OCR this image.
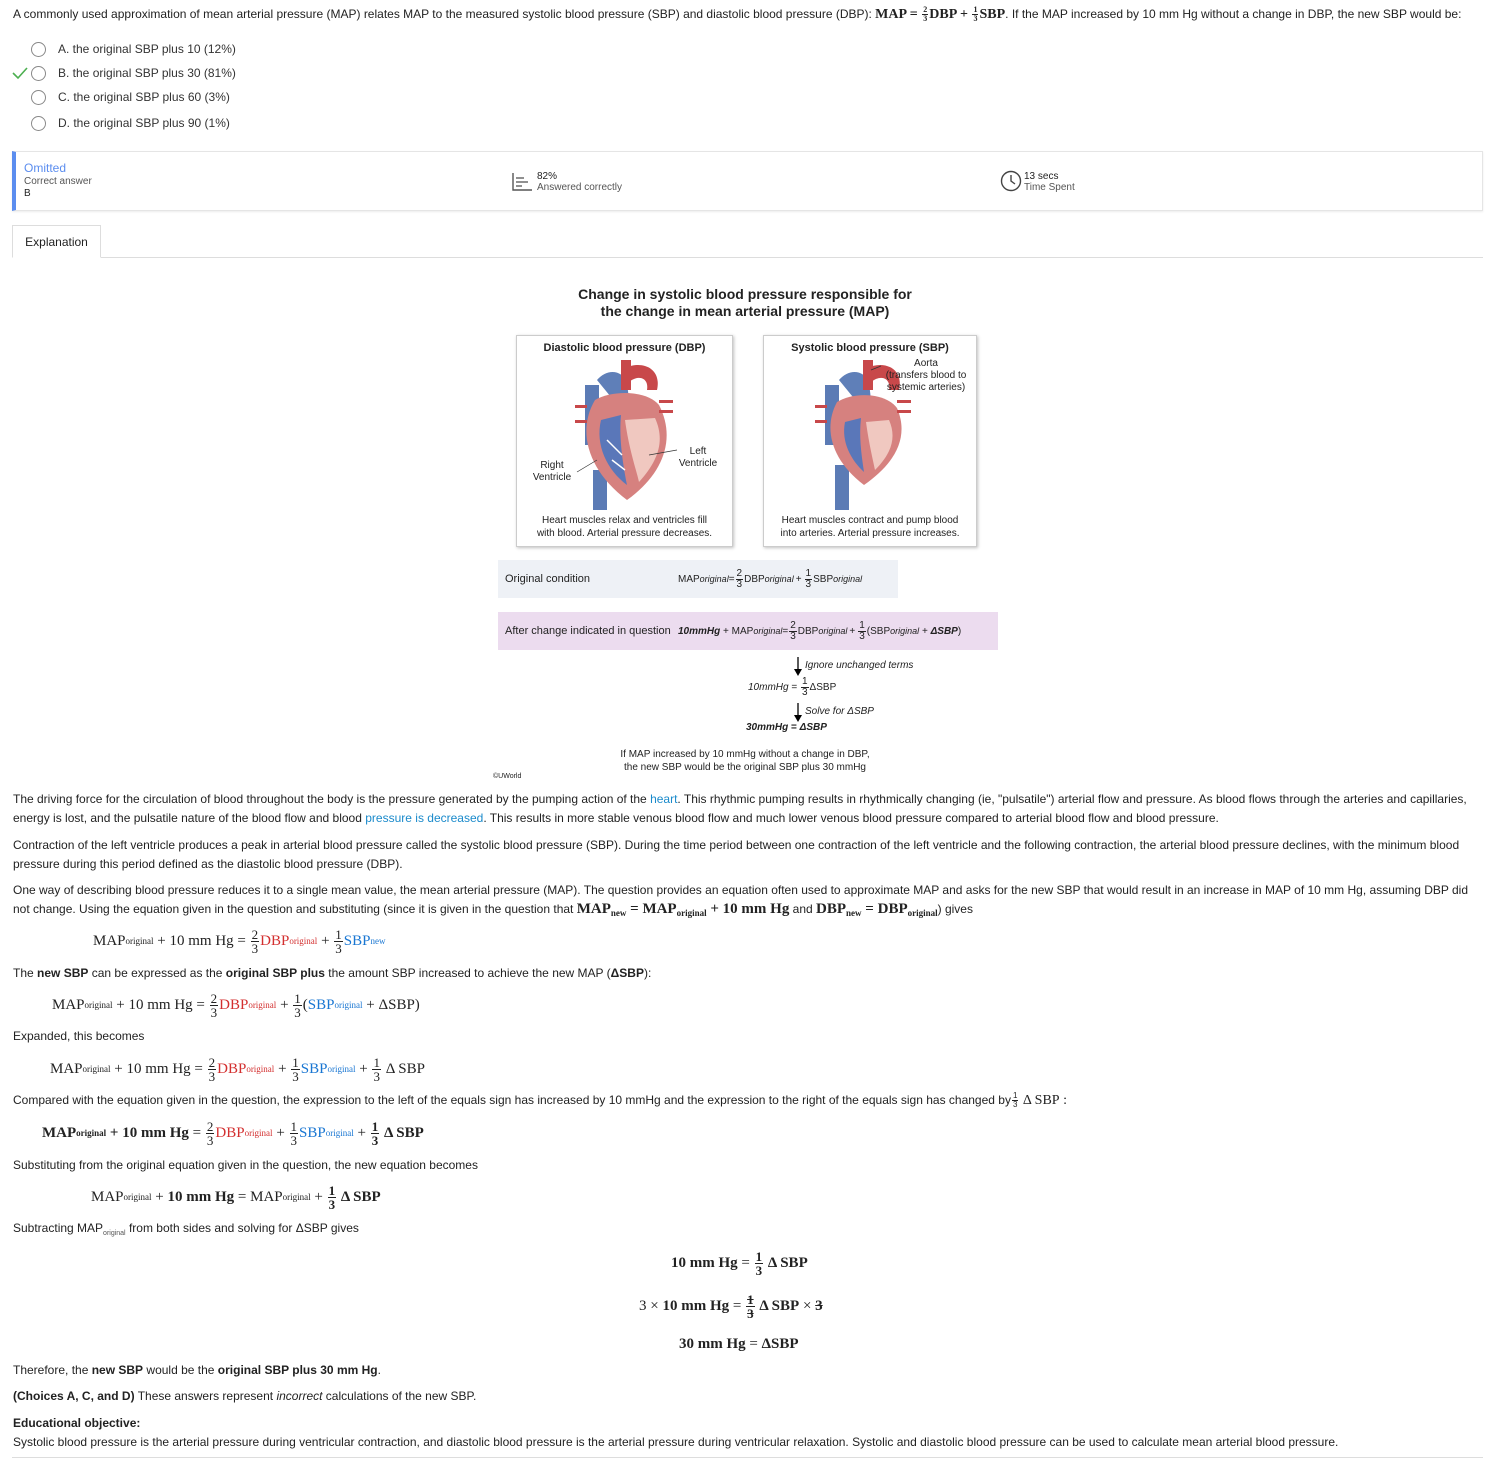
A commonly used approximation of mean arterial pressure (MAP) relates MAP to the measured systolic blood pressure (SBP) and diastolic blood pressure (DBP): MAP = $\frac{2}{3}$ DBP + $\frac{1}{3}$ SBP. If the MAP increased by 10 mm Hg without a change in DBP, the new SBP would be:
A. the original SBP plus 10 (12%)
B. the original SBP plus 30 (81%)
C. the original SBP plus 60 (3%)
D. the original SBP plus 90 (1%)
Omitted
Correct answer
B
82%
Answered correctly
13 secs
Time Spent
Explanation
Change in systolic blood pressure responsible for
the change in mean arterial pressure (MAP)
Diastolic blood pressure (DBP)
Right
Ventricle
Left
Ventricle
Heart muscles relax and ventricles fill
with blood. Arterial pressure decreases.
Systolic blood pressure (SBP)
Aorta
(transfers blood to
systemic arteries)
Heart muscles contract and pump blood
into arteries. Arterial pressure increases.
Original condition	MAP original = $\frac{2}{3}$ DBP original + $\frac{1}{3}$ SBP original
After change indicated in question 10mmHg
+
MAP original = $\frac{2}{3}$ DBP original + $\frac{1}{3}$ ( SBP original
+
ΔSBP )
Ignore unchanged terms
10mmHg
=
$\frac{1}{3}$ ΔSBP
Solve for ΔSBP
30mmHg = ΔSBP
If MAP increased by 10 mmHg without a change in DBP,
the new SBP would be the original SBP plus 30 mmHg
©UWorld
The driving force for the circulation of blood throughout the body is the pressure generated by the pumping action of the heart. This rhythmic pumping results in rhythmically changing (ie, "pulsatile") arterial flow and pressure. As blood flows through the arteries and capillaries, energy is lost, and the pulsatile nature of the blood flow and blood pressure is decreased. This results in more stable venous blood flow and much lower venous blood pressure compared to arterial blood flow and blood pressure.
Contraction of the left ventricle produces a peak in arterial blood pressure called the systolic blood pressure (SBP). During the time period between one contraction of the left ventricle and the following contraction, the arterial blood pressure declines, with the minimum blood pressure during this period defined as the diastolic blood pressure (DBP).
One way of describing blood pressure reduces it to a single mean value, the mean arterial pressure (MAP). The question provides an equation often used to approximate MAP and asks for the new SBP that would result in an increase in MAP of 10 mm Hg, assuming DBP did not change. Using the equation given in the question and substituting (since it is given in the question that $MAP_{new} = MAP_{original} + 10$ mm Hg and $DBP_{new} = DBP_{original}$) gives
MAP original
+
10 mm Hg
=
$\frac{2}{3}$ DBP original
+
$\frac{1}{3}$ SBP new
The new SBP can be expressed as the original SBP plus the amount SBP increased to achieve the new MAP (ΔSBP):
MAP original
+
10 mm Hg
=
$\frac{2}{3}$ DBP original
+
$\frac{1}{3}$ ( SBP original
+
ΔSBP )
Expanded, this becomes
MAP original
+
10 mm Hg
=
$\frac{2}{3}$ DBP original
+
$\frac{1}{3}$ SBP original
+
$\frac{1}{3}$
Δ SBP
Compared with the equation given in the question, the expression to the left of the equals sign has increased by 10 mmHg and the expression to the right of the equals sign has changed by $\frac{1}{3}$ Δ SBP :
MAP original
+
10 mm Hg
=
$\frac{2}{3}$ DBP original
+
$\frac{1}{3}$ SBP original
+
$\frac{1}{3}$
Δ SBP
Substituting from the original equation given in the question, the new equation becomes
MAP original
+
10 mm Hg
=
MAP original
+
$\frac{1}{3}$
Δ SBP
Subtracting $MAP_{original}$ from both sides and solving for ΔSBP gives
10 mm Hg
=
$\frac{1}{3}$
Δ SBP
3
×
10 mm Hg
=
$\frac{1}{3}$
Δ SBP
×
3
30 mm Hg
=
ΔSBP
Therefore, the new SBP would be the original SBP plus 30 mm Hg.
(Choices A, C, and D) These answers represent incorrect calculations of the new SBP.
Educational objective:
Systolic blood pressure is the arterial pressure during ventricular contraction, and diastolic blood pressure is the arterial pressure during ventricular relaxation. Systolic and diastolic blood pressure can be used to calculate mean arterial blood pressure.
